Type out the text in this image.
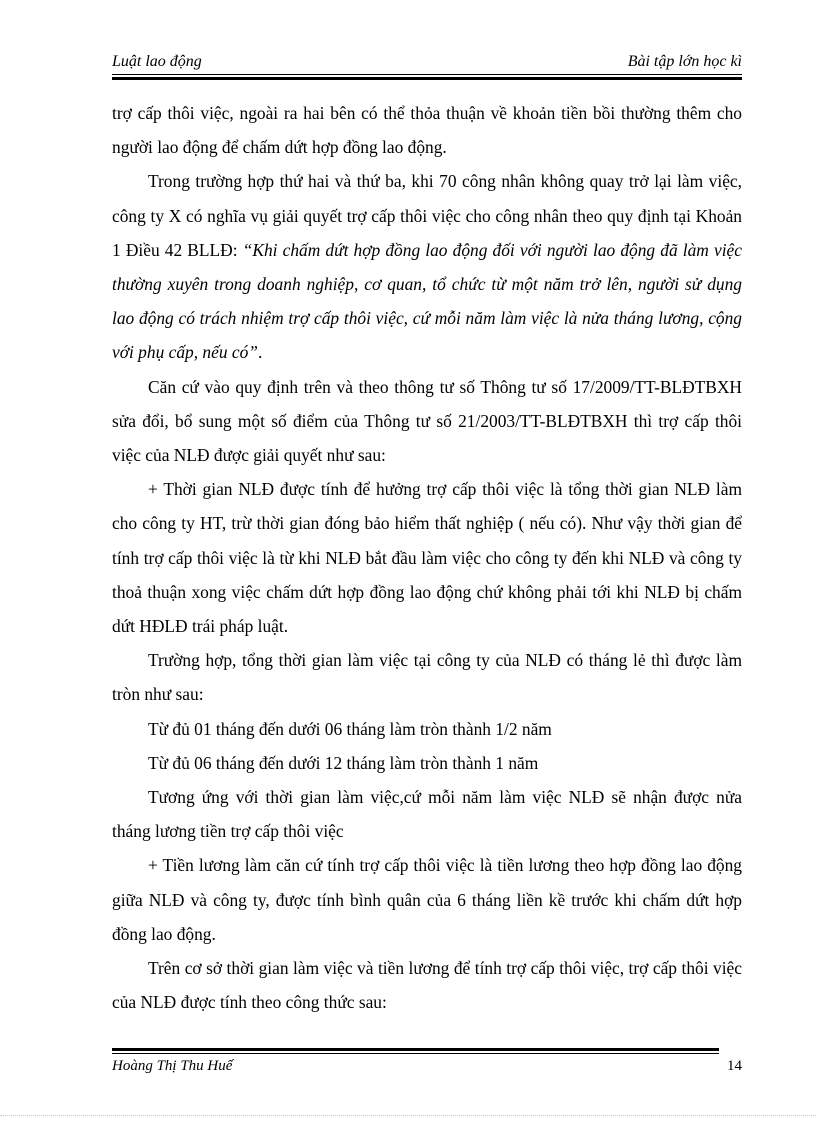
Luật lao động	Bài tập lớn học kì

trợ cấp thôi việc, ngoài ra hai bên có thể thỏa thuận về khoản tiền bồi thường thêm cho người lao động để chấm dứt hợp đồng lao động.

Trong trường hợp thứ hai và thứ ba, khi 70 công nhân không quay trở lại làm việc, công ty X có nghĩa vụ giải quyết trợ cấp thôi việc cho công nhân theo quy định tại Khoản 1 Điều 42 BLLĐ: “Khi chấm dứt hợp đồng lao động đối với người lao động đã làm việc thường xuyên trong doanh nghiệp, cơ quan, tổ chức từ một năm trở lên, người sử dụng lao động có trách nhiệm trợ cấp thôi việc, cứ mỗi năm làm việc là nửa tháng lương, cộng với phụ cấp, nếu có”.

Căn cứ vào quy định trên và theo thông tư số Thông tư số 17/2009/TT-BLĐTBXH sửa đổi, bổ sung một số điểm của Thông tư số 21/2003/TT-BLĐTBXH thì trợ cấp thôi việc của NLĐ được giải quyết như sau:

+ Thời gian NLĐ được tính để hưởng trợ cấp thôi việc là tổng thời gian NLĐ làm cho công ty HT, trừ thời gian đóng bảo hiểm thất nghiệp ( nếu có). Như vậy thời gian để tính trợ cấp thôi việc là từ khi NLĐ bắt đầu làm việc cho công ty đến khi NLĐ và công ty thoả thuận xong việc chấm dứt hợp đồng lao động chứ không phải tới khi NLĐ bị chấm dứt HĐLĐ trái pháp luật.

Trường hợp, tổng thời gian làm việc tại công ty của NLĐ có tháng lẻ thì được làm tròn như sau:

Từ đủ 01 tháng đến dưới 06 tháng làm tròn thành 1/2 năm

Từ đủ 06 tháng đến dưới 12 tháng làm tròn thành 1 năm

Tương ứng với thời gian làm việc,cứ mỗi năm làm việc NLĐ sẽ nhận được nửa tháng lương tiền trợ cấp thôi việc

+ Tiền lương làm căn cứ tính trợ cấp thôi việc là tiền lương theo hợp đồng lao động giữa NLĐ và công ty, được tính bình quân của 6 tháng liền kề trước khi chấm dứt hợp đồng lao động.

Trên cơ sở thời gian làm việc và tiền lương để tính trợ cấp thôi việc, trợ cấp thôi việc của NLĐ được tính theo công thức sau:

Hoàng Thị Thu Huế	14
